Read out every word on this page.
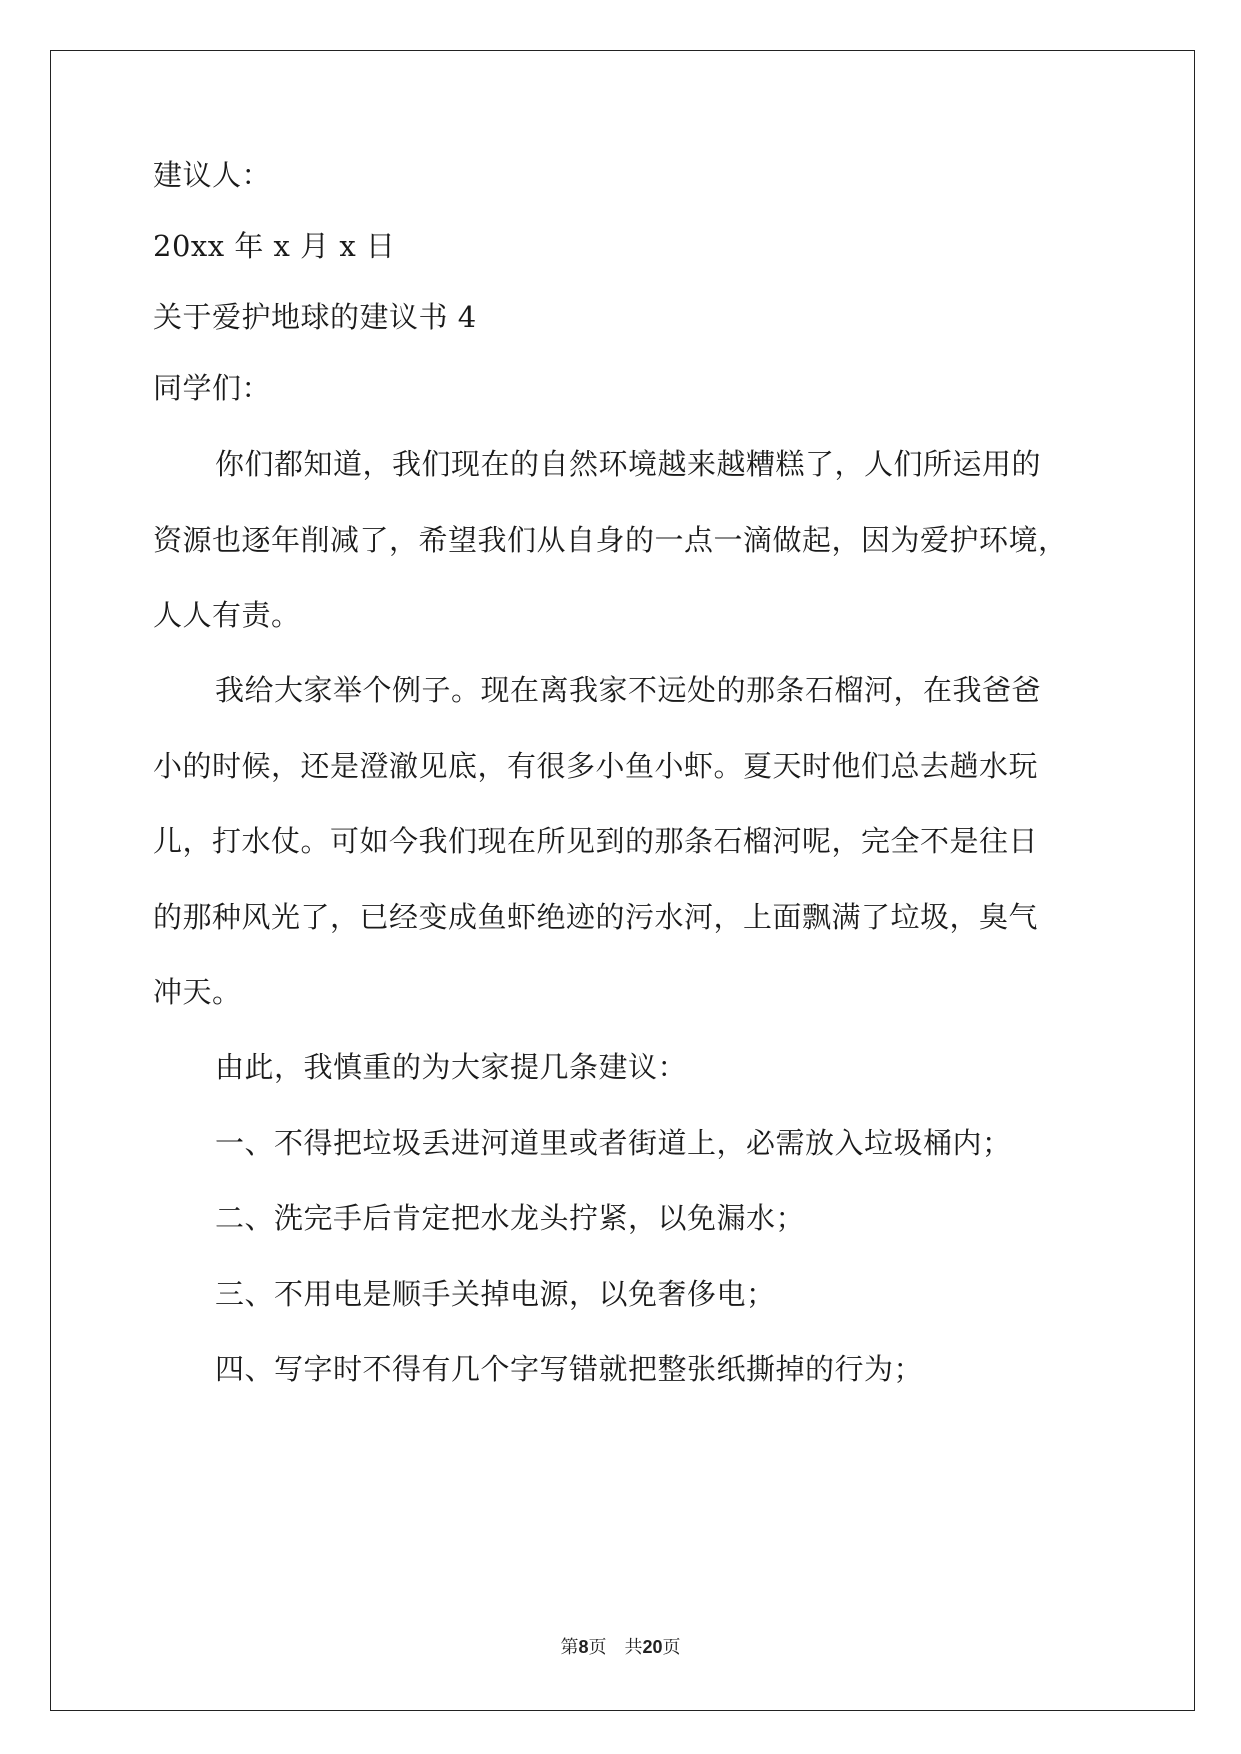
建议人：
20xx 年 x 月 x 日
关于爱护地球的建议书 4
同学们：
你们都知道，我们现在的自然环境越来越糟糕了，人们所运用的
资源也逐年削减了，希望我们从自身的一点一滴做起，因为爱护环境，
人人有责。
我给大家举个例子。现在离我家不远处的那条石榴河，在我爸爸
小的时候，还是澄澈见底，有很多小鱼小虾。夏天时他们总去趟水玩
儿，打水仗。可如今我们现在所见到的那条石榴河呢，完全不是往日
的那种风光了，已经变成鱼虾绝迹的污水河，上面飘满了垃圾，臭气
冲天。
由此，我慎重的为大家提几条建议：
一、不得把垃圾丢进河道里或者街道上，必需放入垃圾桶内；
二、洗完手后肯定把水龙头拧紧，以免漏水；
三、不用电是顺手关掉电源，以免奢侈电；
四、写字时不得有几个字写错就把整张纸撕掉的行为；
第8页 共20页
